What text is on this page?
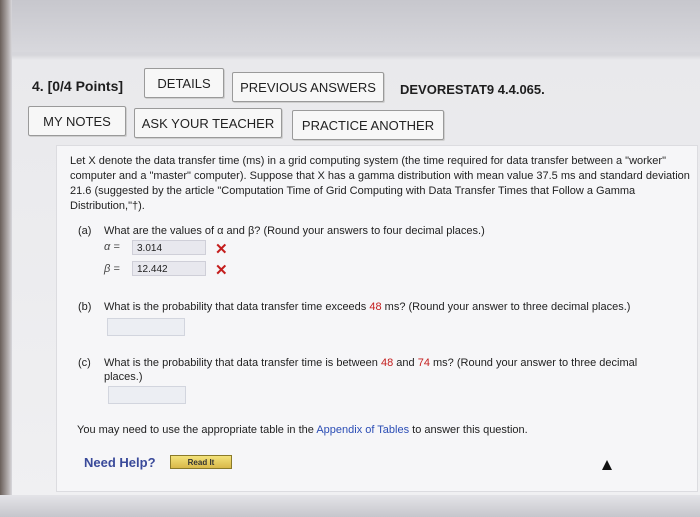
4. [0/4 Points]	DETAILS	PREVIOUS ANSWERS	DEVORESTAT9 4.4.065.
MY NOTES	ASK YOUR TEACHER	PRACTICE ANOTHER
Let X denote the data transfer time (ms) in a grid computing system (the time required for data transfer between a "worker" computer and a "master" computer). Suppose that X has a gamma distribution with mean value 37.5 ms and standard deviation 21.6 (suggested by the article "Computation Time of Grid Computing with Data Transfer Times that Follow a Gamma Distribution,"†).
(a) What are the values of α and β? (Round your answers to four decimal places.)
α =	3.014	✕
β =	12.442	✕
(b) What is the probability that data transfer time exceeds 48 ms? (Round your answer to three decimal places.)
(c) What is the probability that data transfer time is between 48 and 74 ms? (Round your answer to three decimal
places.)
You may need to use the appropriate table in the Appendix of Tables to answer this question.
Need Help?	Read It
